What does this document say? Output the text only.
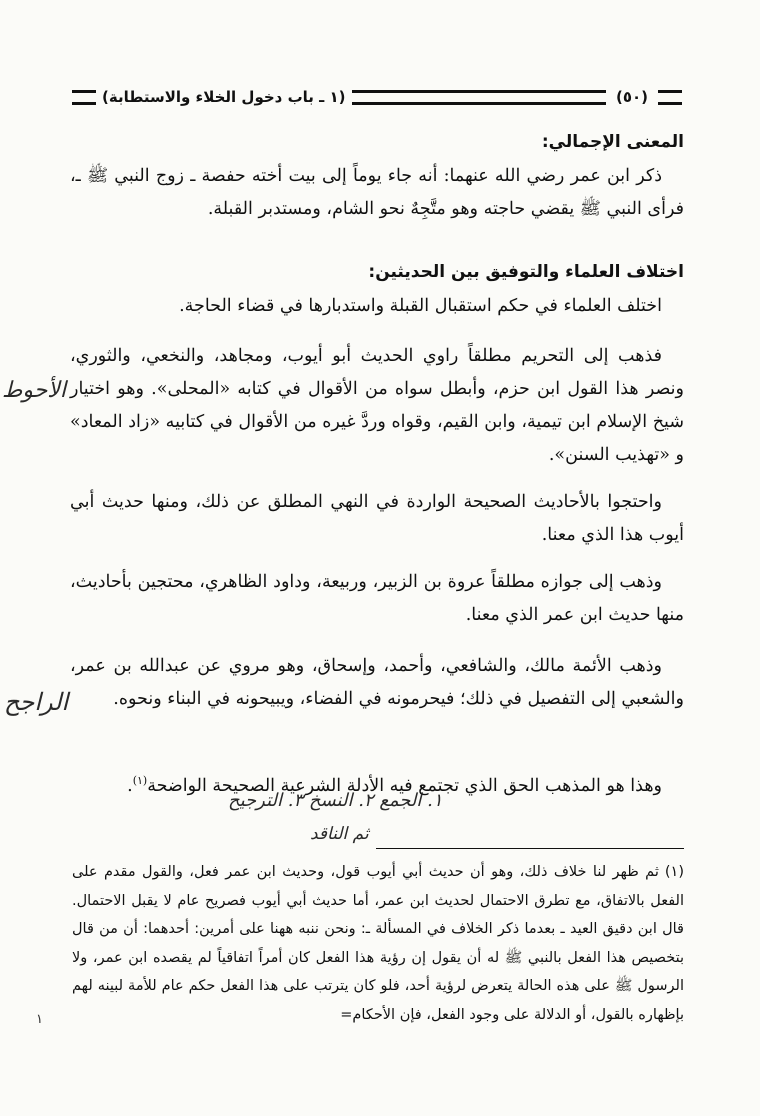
(٥٠)
(١ ـ باب دخول الخلاء والاستطابة)
المعنى الإجمالي:

ذكر ابن عمر رضي الله عنهما: أنه جاء يوماً إلى بيت أخته حفصة ـ زوج النبي ﷺ ـ، فرأى النبي ﷺ يقضي حاجته وهو متَّجِهٌ نحو الشام، ومستدبر القبلة.

اختلاف العلماء والتوفيق بين الحديثين:

اختلف العلماء في حكم استقبال القبلة واستدبارها في قضاء الحاجة.

فذهب إلى التحريم مطلقاً راوي الحديث أبو أيوب، ومجاهد، والنخعي، والثوري، ونصر هذا القول ابن حزم، وأبطل سواه من الأقوال في كتابه «المحلى». وهو اختيار شيخ الإسلام ابن تيمية، وابن القيم، وقواه وردَّ غيره من الأقوال في كتابيه «زاد المعاد» و «تهذيب السنن».

واحتجوا بالأحاديث الصحيحة الواردة في النهي المطلق عن ذلك، ومنها حديث أبي أيوب هذا الذي معنا.

وذهب إلى جوازه مطلقاً عروة بن الزبير، وربيعة، وداود الظاهري، محتجين بأحاديث، منها حديث ابن عمر الذي معنا.

وذهب الأئمة مالك، والشافعي، وأحمد، وإسحاق، وهو مروي عن عبدالله بن عمر، والشعبي إلى التفصيل في ذلك؛ فيحرمونه في الفضاء، ويبيحونه في البناء ونحوه.

وهذا هو المذهب الحق الذي تجتمع فيه الأدلة الشرعية الصحيحة الواضحة$^{(١)}$.

الأحوط
الراجح
١. الجمع ٢. النسخ ٣. الترجيح
ثم الناقد
(١)ثم ظهر لنا خلاف ذلك، وهو أن حديث أبي أيوب قول، وحديث ابن عمر فعل، والقول مقدم على الفعل بالاتفاق، مع تطرق الاحتمال لحديث ابن عمر، أما حديث أبي أيوب فصريح عام لا يقبل الاحتمال. قال ابن دقيق العيد ـ بعدما ذكر الخلاف في المسألة ـ: ونحن ننبه ههنا على أمرين: أحدهما: أن من قال بتخصيص هذا الفعل بالنبي ﷺ له أن يقول إن رؤية هذا الفعل كان أمراً اتفاقياً لم يقصده ابن عمر، ولا الرسول ﷺ على هذه الحالة يتعرض لرؤية أحد، فلو كان يترتب على هذا الفعل حكم عام للأمة لبينه لهم بإظهاره بالقول، أو الدلالة على وجود الفعل، فإن الأحكام=
١
